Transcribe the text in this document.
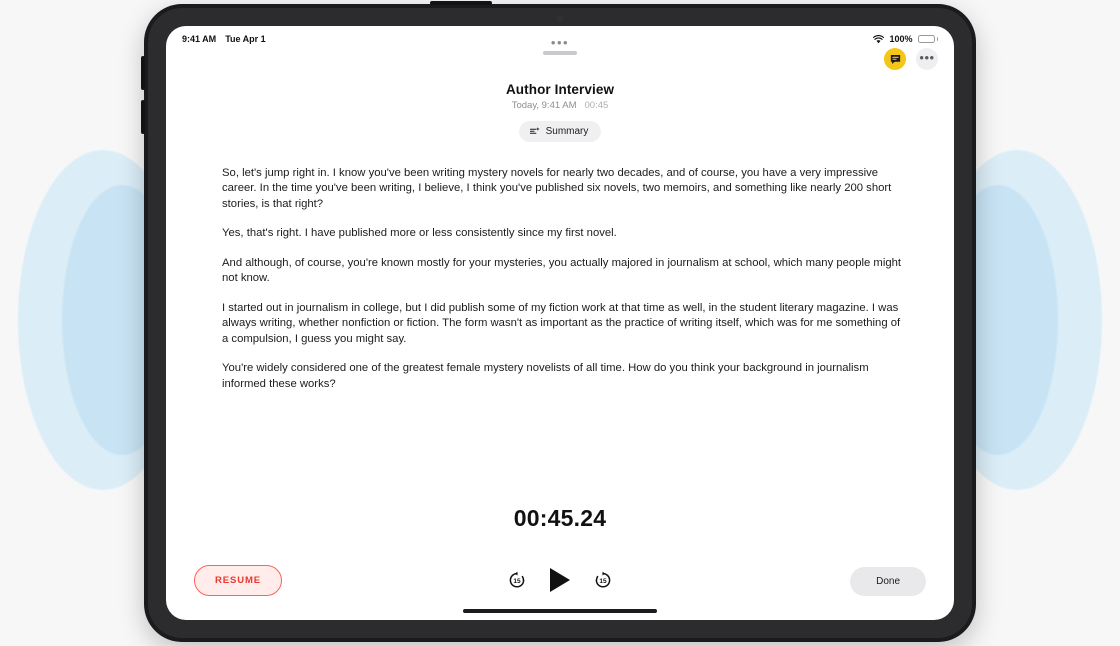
9:41 AM Tue Apr 1	100%
•••
•••
Author Interview
Today, 9:41 AM 00:45
Summary

So, let's jump right in. I know you've been writing mystery novels for nearly two decades, and of course, you have a very impressive career. In the time you've been writing, I believe, I think you've published six novels, two memoirs, and something like nearly 200 short stories, is that right?

Yes, that's right. I have published more or less consistently since my first novel.

And although, of course, you're known mostly for your mysteries, you actually majored in journalism at school, which many people might not know.

I started out in journalism in college, but I did publish some of my fiction work at that time as well, in the student literary magazine. I was always writing, whether nonfiction or fiction. The form wasn't as important as the practice of writing itself, which was for me something of a compulsion, I guess you might say.

You're widely considered one of the greatest female mystery novelists of all time. How do you think your background in journalism informed these works?

00:45.24
15	15
RESUME	Done
